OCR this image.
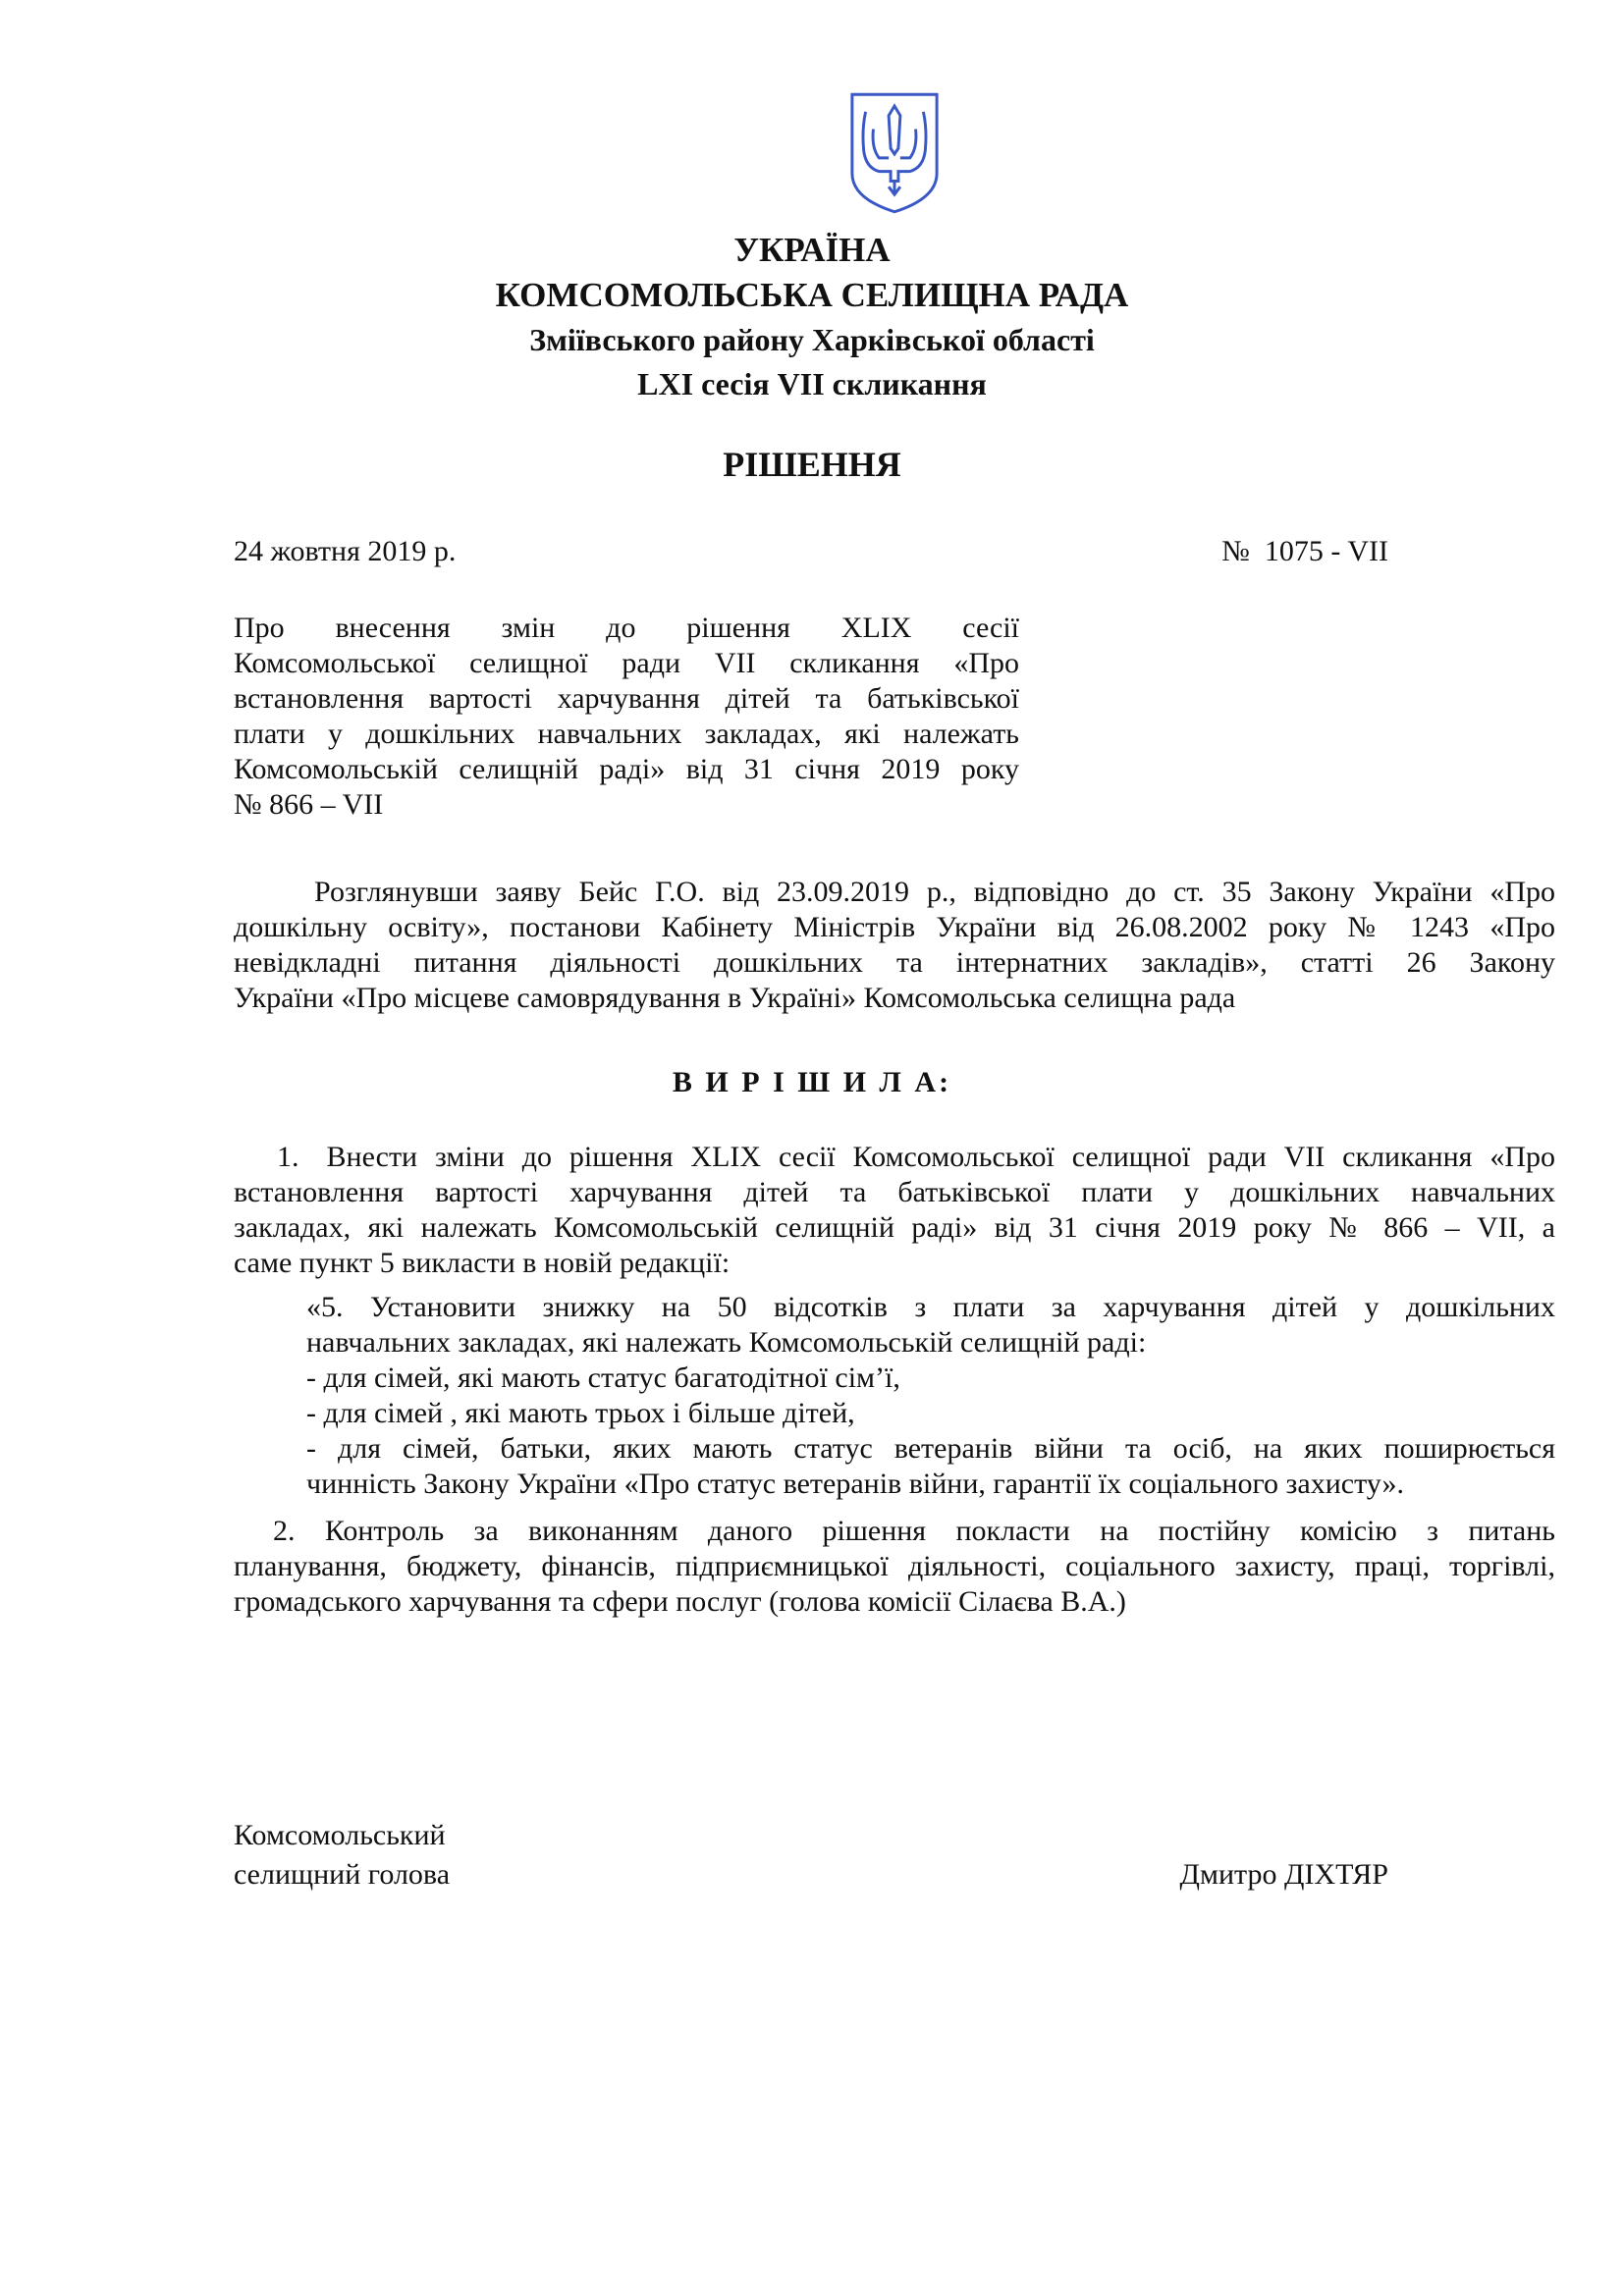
УКРАЇНА

КОМСОМОЛЬСЬКА СЕЛИЩНА РАДА

Зміївського району Харківської області

LXI сесія VII скликання

РІШЕННЯ

24 жовтня 2019 р.	№  1075 - VII

Про внесення змін до рішення XLIX сесії
Комсомольської селищної ради VII скликання «Про
встановлення вартості харчування дітей та батьківської
плати у дошкільних навчальних закладах, які належать
Комсомольській селищній раді» від 31 січня 2019 року
№ 866 – VII

Розглянувши заяву Бейс Г.О. від 23.09.2019 р., відповідно до ст. 35 Закону України «Про
дошкільну освіту», постанови Кабінету Міністрів України від 26.08.2002 року № 1243 «Про
невідкладні питання діяльності дошкільних та інтернатних закладів», статті 26 Закону
України «Про місцеве самоврядування в Україні» Комсомольська селищна рада

В И Р І Ш И Л А:

1. Внести зміни до рішення XLIX сесії Комсомольської селищної ради VII скликання «Про
встановлення вартості харчування дітей та батьківської плати у дошкільних навчальних
закладах, які належать Комсомольській селищній раді» від 31 січня 2019 року № 866 – VII, а
саме пункт 5 викласти в новій редакції:

«5. Установити знижку на 50 відсотків з плати за харчування дітей у дошкільних
навчальних закладах, які належать Комсомольській селищній раді:
- для сімей, які мають статус багатодітної сім’ї,
- для сімей , які мають трьох і більше дітей,
- для сімей, батьки, яких мають статус ветеранів війни та осіб, на яких поширюється
чинність Закону України «Про статус ветеранів війни, гарантії їх соціального захисту».

2. Контроль за виконанням даного рішення покласти на постійну комісію з питань
планування, бюджету, фінансів, підприємницької діяльності, соціального захисту, праці, торгівлі,
громадського харчування та сфери послуг (голова комісії Сілаєва В.А.)

Комсомольський
селищний голова	Дмитро ДІХТЯР
